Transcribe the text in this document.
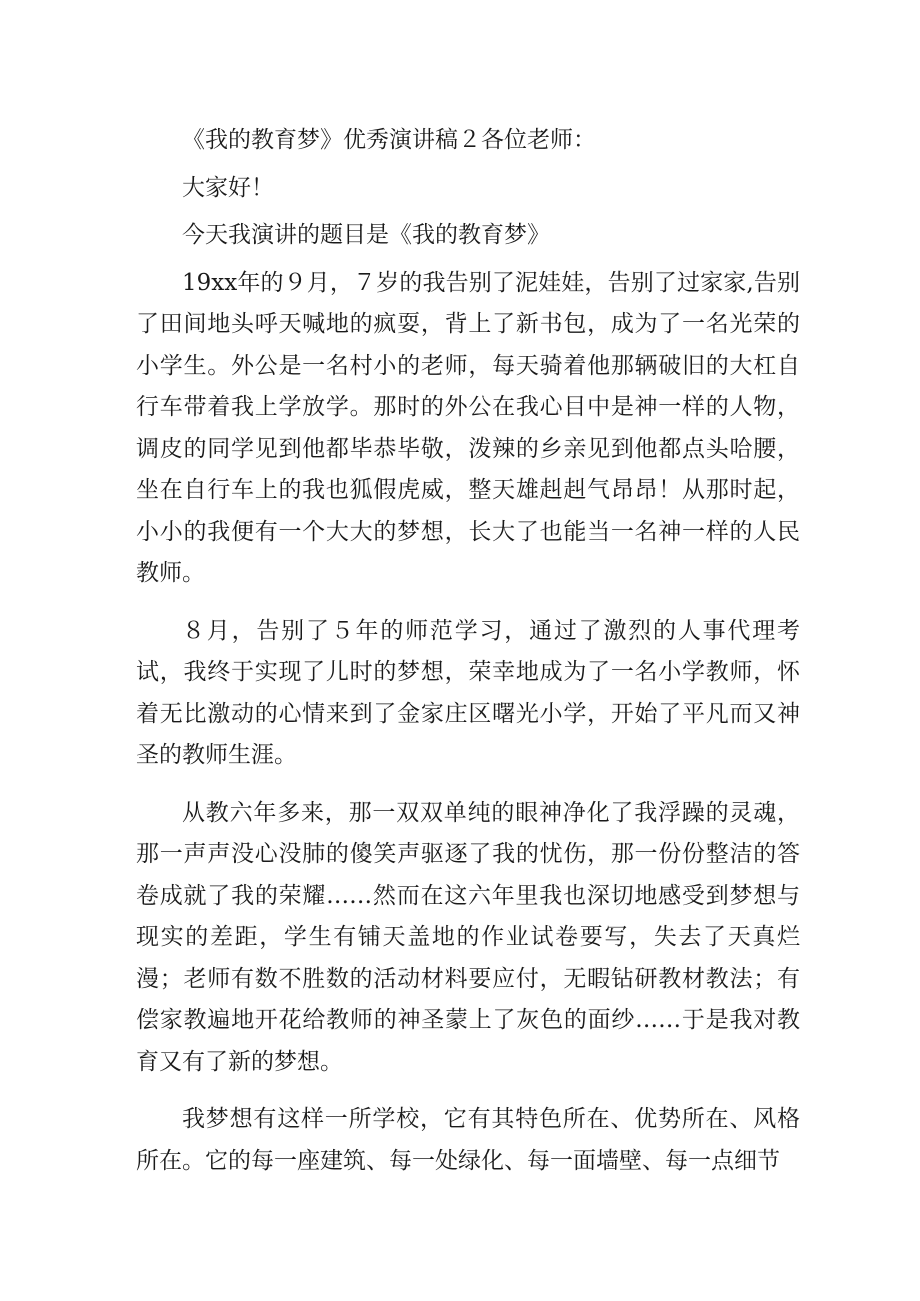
《我的教育梦》优秀演讲稿２各位老师：

大家好！

今天我演讲的题目是《我的教育梦》

19xx年的９月，７岁的我告别了泥娃娃，告别了过家家,告别了田间地头呼天喊地的疯耍，背上了新书包，成为了一名光荣的小学生。外公是一名村小的老师，每天骑着他那辆破旧的大杠自行车带着我上学放学。那时的外公在我心目中是神一样的人物，调皮的同学见到他都毕恭毕敬，泼辣的乡亲见到他都点头哈腰，坐在自行车上的我也狐假虎威，整天雄赳赳气昂昂！从那时起，小小的我便有一个大大的梦想，长大了也能当一名神一样的人民教师。

８月，告别了５年的师范学习，通过了激烈的人事代理考试，我终于实现了儿时的梦想，荣幸地成为了一名小学教师，怀着无比激动的心情来到了金家庄区曙光小学，开始了平凡而又神圣的教师生涯。

从教六年多来，那一双双单纯的眼神净化了我浮躁的灵魂，那一声声没心没肺的傻笑声驱逐了我的忧伤，那一份份整洁的答卷成就了我的荣耀……然而在这六年里我也深切地感受到梦想与现实的差距，学生有铺天盖地的作业试卷要写，失去了天真烂漫；老师有数不胜数的活动材料要应付，无暇钻研教材教法；有偿家教遍地开花给教师的神圣蒙上了灰色的面纱……于是我对教育又有了新的梦想。

我梦想有这样一所学校，它有其特色所在、优势所在、风格所在。它的每一座建筑、每一处绿化、每一面墙壁、每一点细节
